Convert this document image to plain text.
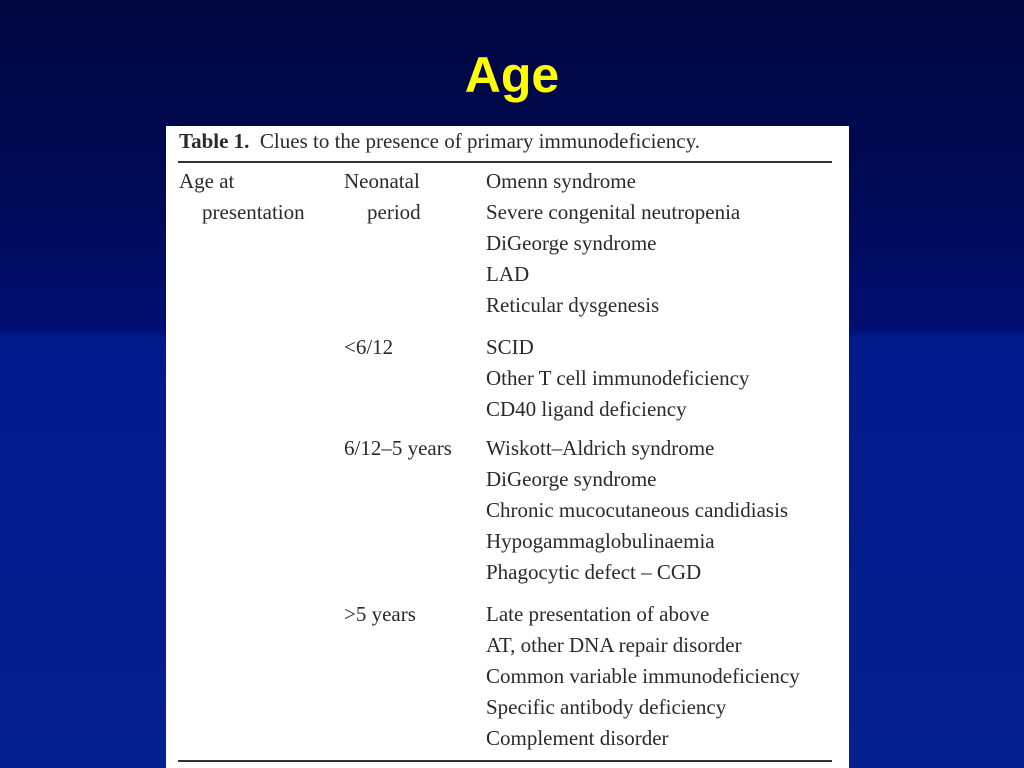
Age
Table 1. Clues to the presence of primary immunodeficiency.
Age at
presentation
Neonatal
period
Omenn syndrome
Severe congenital neutropenia
DiGeorge syndrome
LAD
Reticular dysgenesis
<6/12	SCID
Other T cell immunodeficiency
CD40 ligand deficiency
6/12–5 years Wiskott–Aldrich syndrome
DiGeorge syndrome
Chronic mucocutaneous candidiasis
Hypogammaglobulinaemia
Phagocytic defect – CGD
>5 years	Late presentation of above
AT, other DNA repair disorder
Common variable immunodeficiency
Specific antibody deficiency
Complement disorder
